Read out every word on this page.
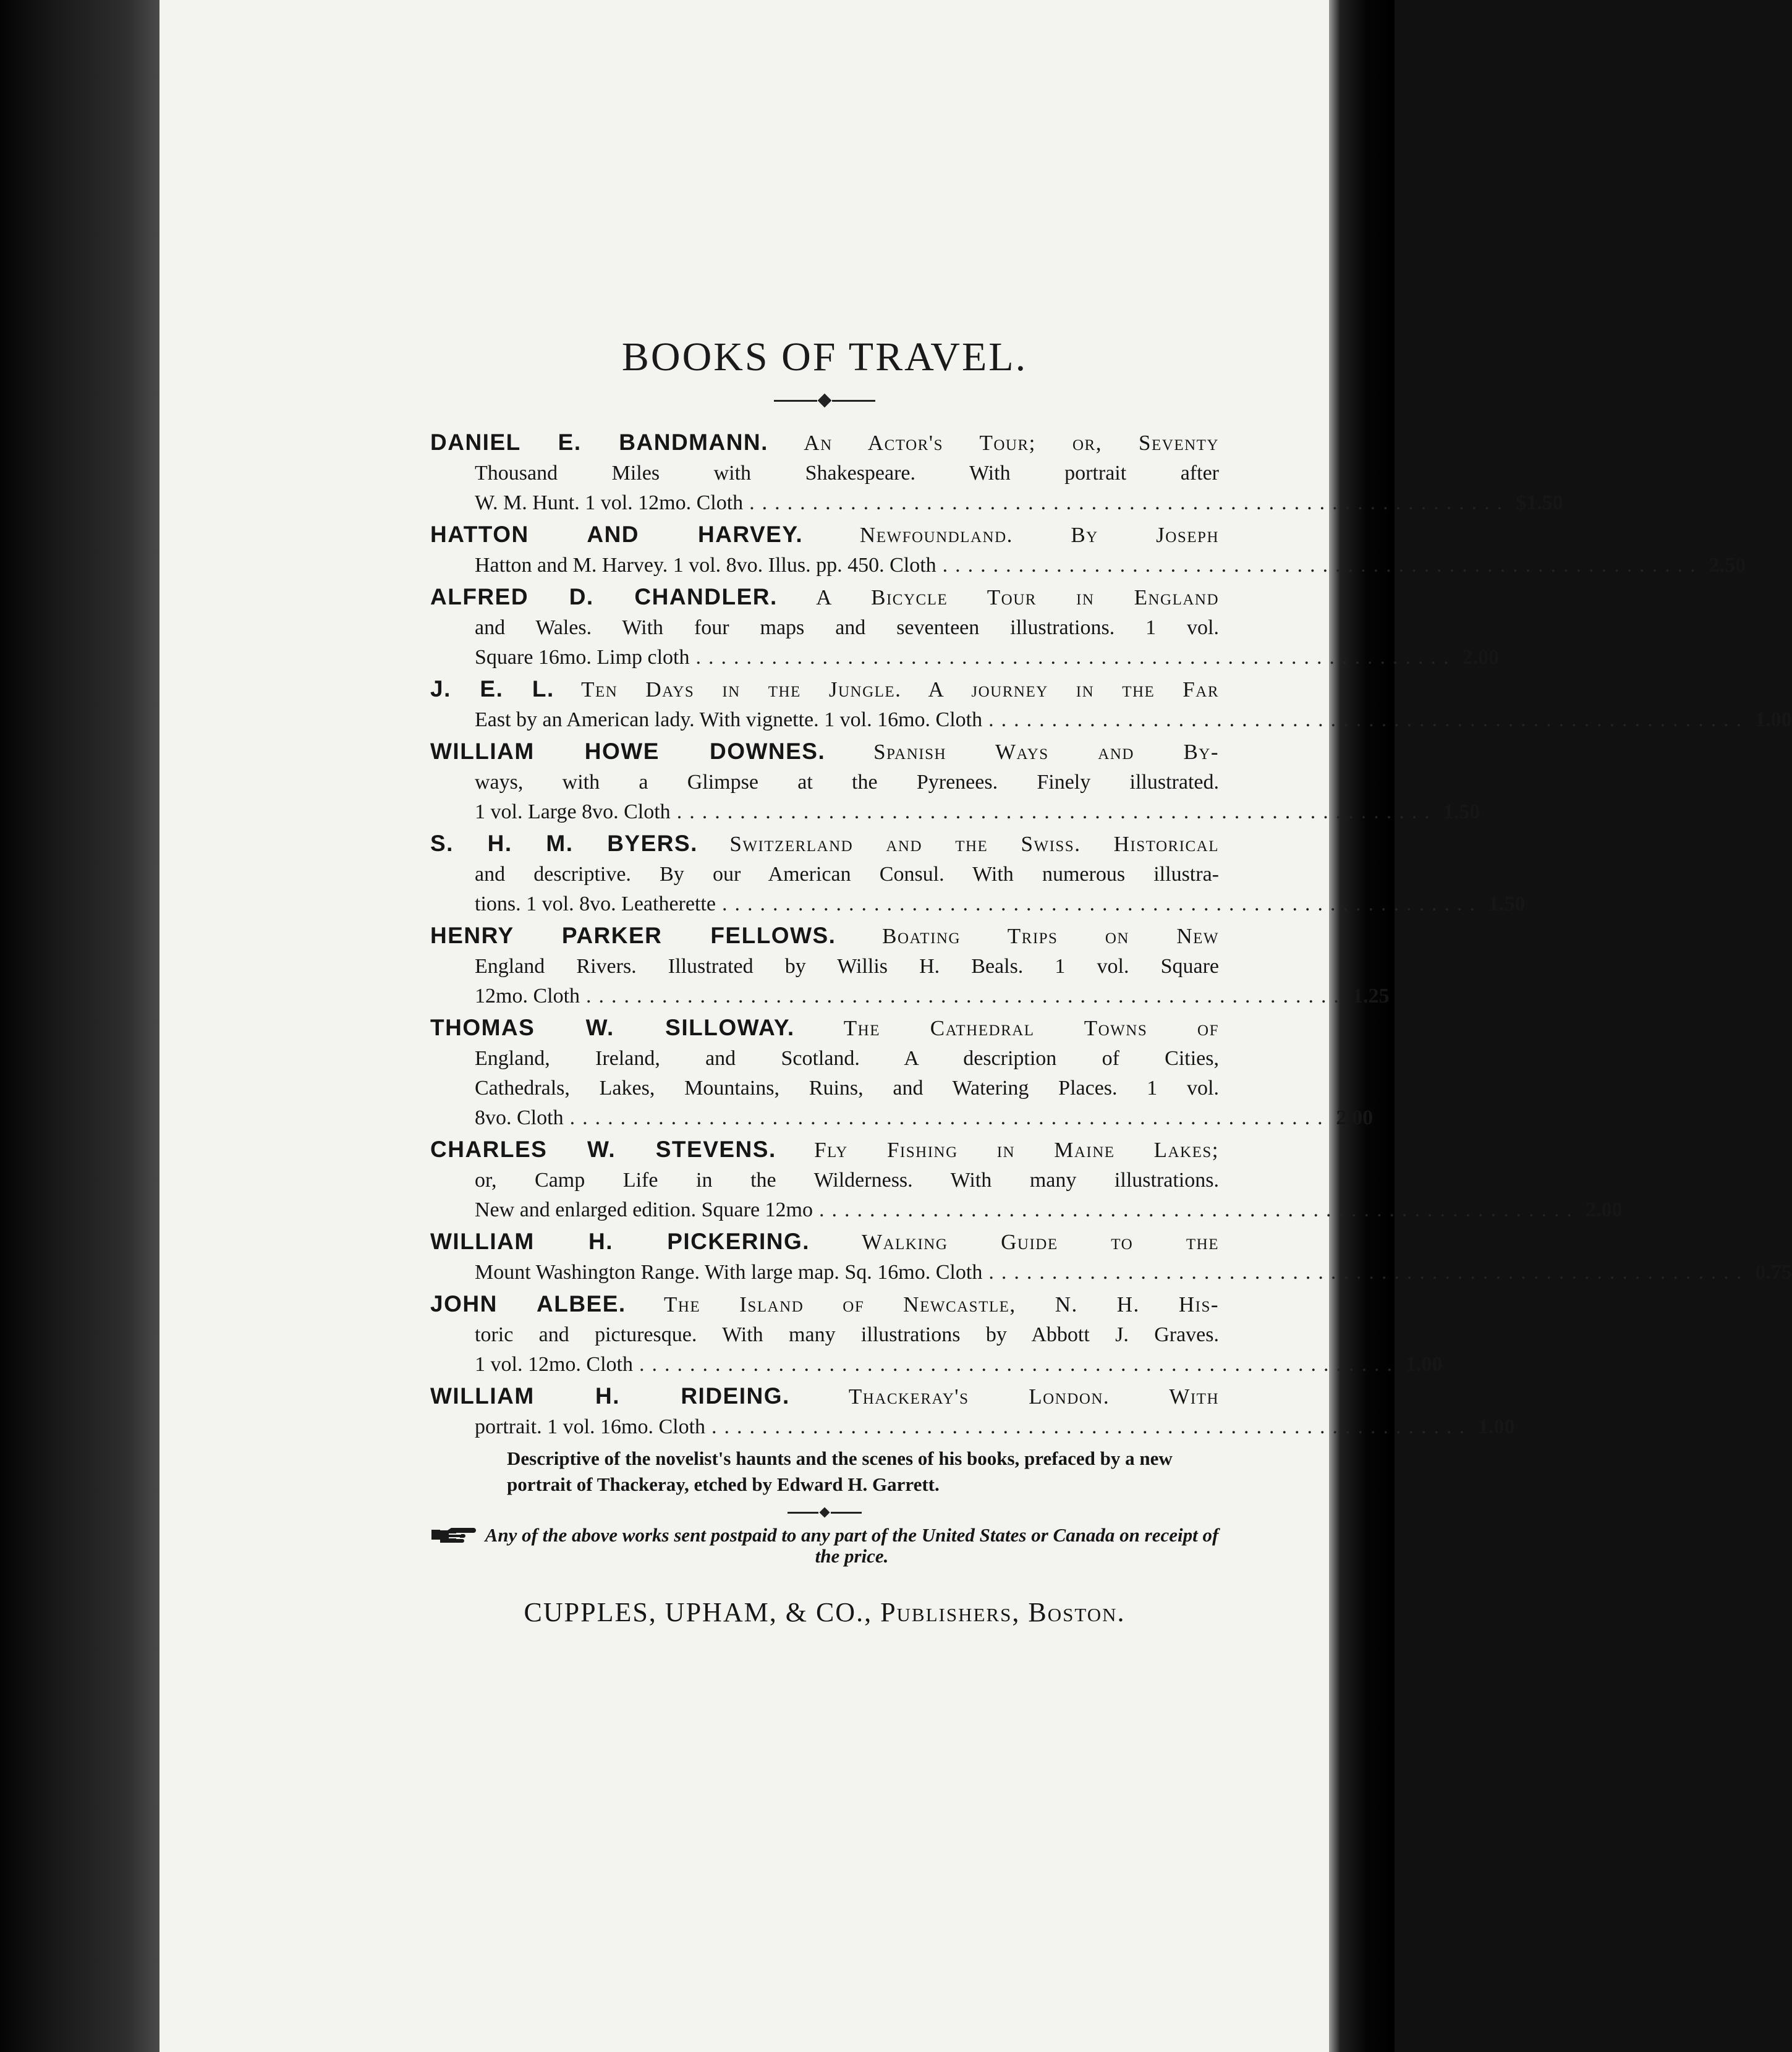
BOOKS OF TRAVEL.
DANIEL E. BANDMANN. An Actor's Tour; or, Seventy
Thousand Miles with Shakespeare. With portrait after
W. M. Hunt. 1 vol. 12mo. Cloth ............................................................ $1.50
HATTON AND HARVEY.	Newfoundland. By Joseph
Hatton and M. Harvey. 1 vol. 8vo. Illus. pp. 450. Cloth ............................................................ 2.50
ALFRED D. CHANDLER. A Bicycle Tour in England
and Wales. With four maps and seventeen illustrations. 1 vol.
Square 16mo. Limp cloth ............................................................ 2.00
J. E. L. Ten Days in the Jungle. A journey in the Far
East by an American lady. With vignette. 1 vol. 16mo. Cloth ............................................................ 1.00
WILLIAM HOWE DOWNES. Spanish Ways and By-
ways, with a Glimpse at the Pyrenees. Finely illustrated.
1 vol. Large 8vo. Cloth ............................................................ 1.50
S. H. M. BYERS. Switzerland and the Swiss. Historical
and descriptive. By our American Consul. With numerous illustra-
tions. 1 vol. 8vo. Leatherette ............................................................ 1.50
HENRY PARKER FELLOWS. Boating Trips on New
England Rivers. Illustrated by Willis H. Beals. 1 vol. Square
12mo. Cloth ............................................................ 1.25
THOMAS W. SILLOWAY. The Cathedral Towns of
England, Ireland, and Scotland. A description of Cities,
Cathedrals, Lakes, Mountains, Ruins, and Watering Places. 1 vol.
8vo. Cloth ............................................................ 2.00
CHARLES W. STEVENS. Fly Fishing in Maine Lakes;
or, Camp Life in the Wilderness. With many illustrations.
New and enlarged edition. Square 12mo ............................................................ 2.00
WILLIAM H. PICKERING. Walking Guide to the
Mount Washington Range. With large map. Sq. 16mo. Cloth ............................................................ 0.75
JOHN ALBEE. The Island of Newcastle, N. H. His-
toric and picturesque. With many illustrations by Abbott J. Graves.
1 vol. 12mo. Cloth ............................................................ 1.00
WILLIAM H. RIDEING.	Thackeray's London. With
portrait. 1 vol. 16mo. Cloth ............................................................ 1.00
Descriptive of the novelist's haunts and the scenes of his books, prefaced by a new portrait of Thackeray, etched by Edward H. Garrett.
Any of the above works sent postpaid to any part of the United States or Canada on receipt of the price.
CUPPLES, UPHAM, & CO., Publishers, Boston.
